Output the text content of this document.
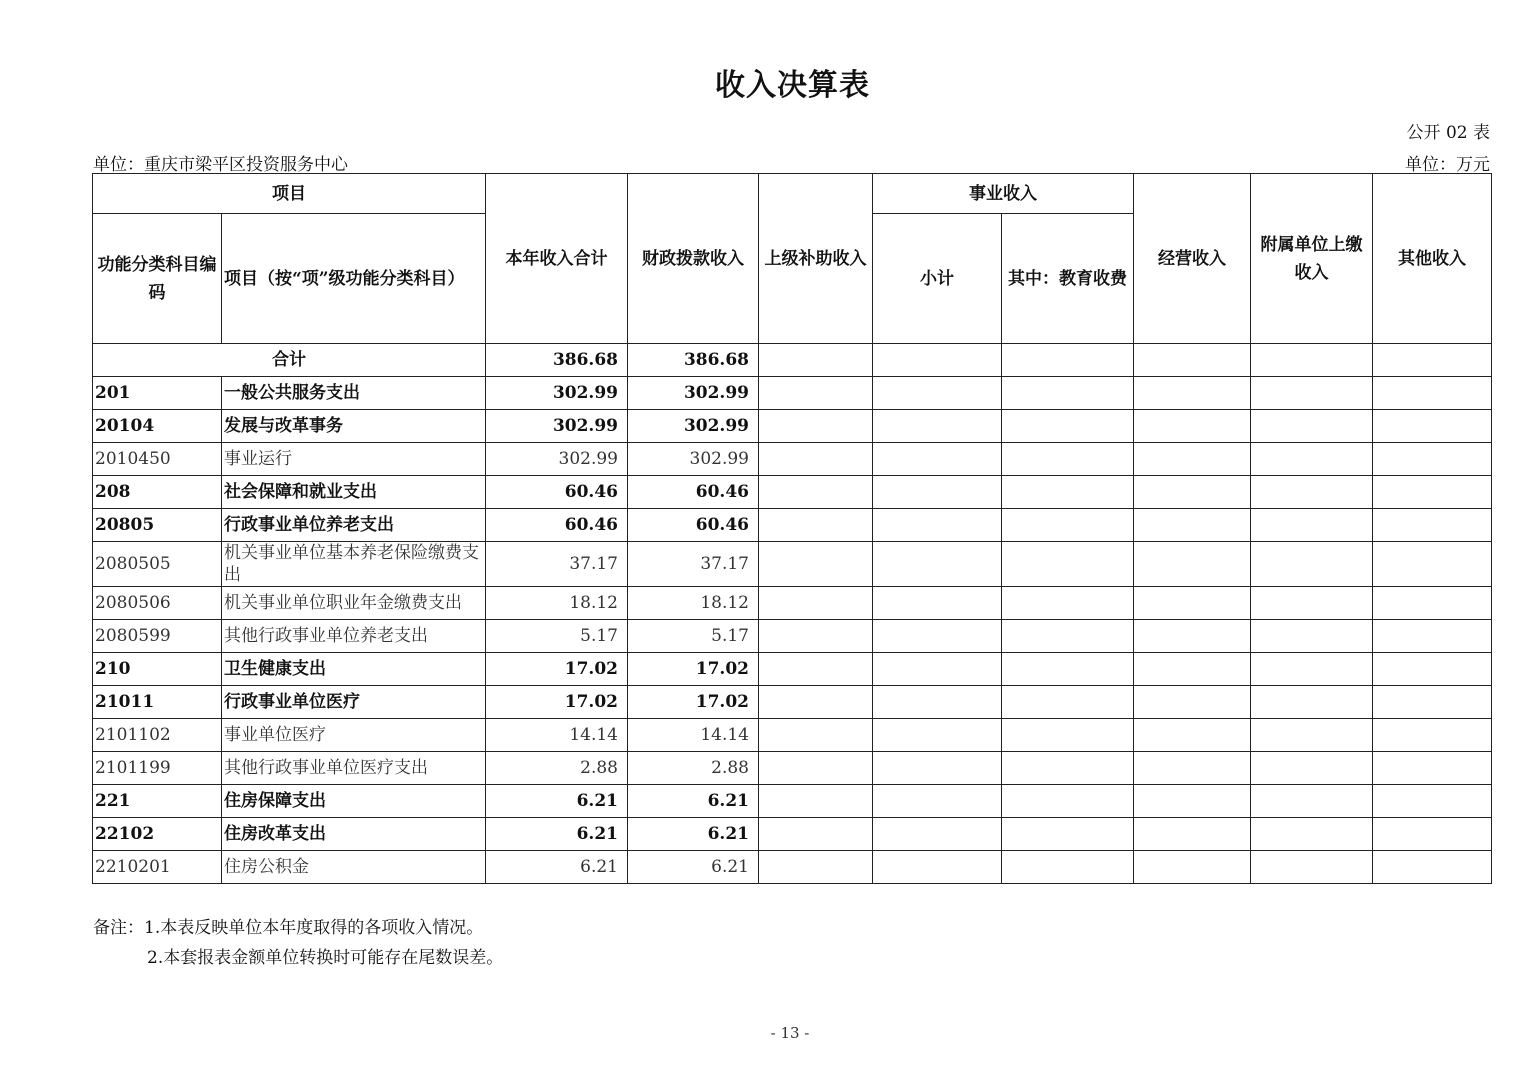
收入决算表
公开 02 表
单位：重庆市梁平区投资服务中心	单位：万元
项目		本年收入合计	财政拨款收入	上级补助收入	事业收入		经营收入	附属单位上缴收入	其他收入
功能分类科目编码	项目（按“项”级功能分类科目）				小计	其中：教育收费			
合计		386.68	386.68						
201	一般公共服务支出	302.99	302.99						
20104	发展与改革事务	302.99	302.99						
2010450	事业运行	302.99	302.99						
208	社会保障和就业支出	60.46	60.46						
20805	行政事业单位养老支出	60.46	60.46						
2080505	机关事业单位基本养老保险缴费支出	37.17	37.17						
2080506	机关事业单位职业年金缴费支出	18.12	18.12						
2080599	其他行政事业单位养老支出	5.17	5.17						
210	卫生健康支出	17.02	17.02						
21011	行政事业单位医疗	17.02	17.02						
2101102	事业单位医疗	14.14	14.14						
2101199	其他行政事业单位医疗支出	2.88	2.88						
221	住房保障支出	6.21	6.21						
22102	住房改革支出	6.21	6.21						
2210201	住房公积金	6.21	6.21						
备注：1.本表反映单位本年度取得的各项收入情况。
2.本套报表金额单位转换时可能存在尾数误差。
- 13 -
